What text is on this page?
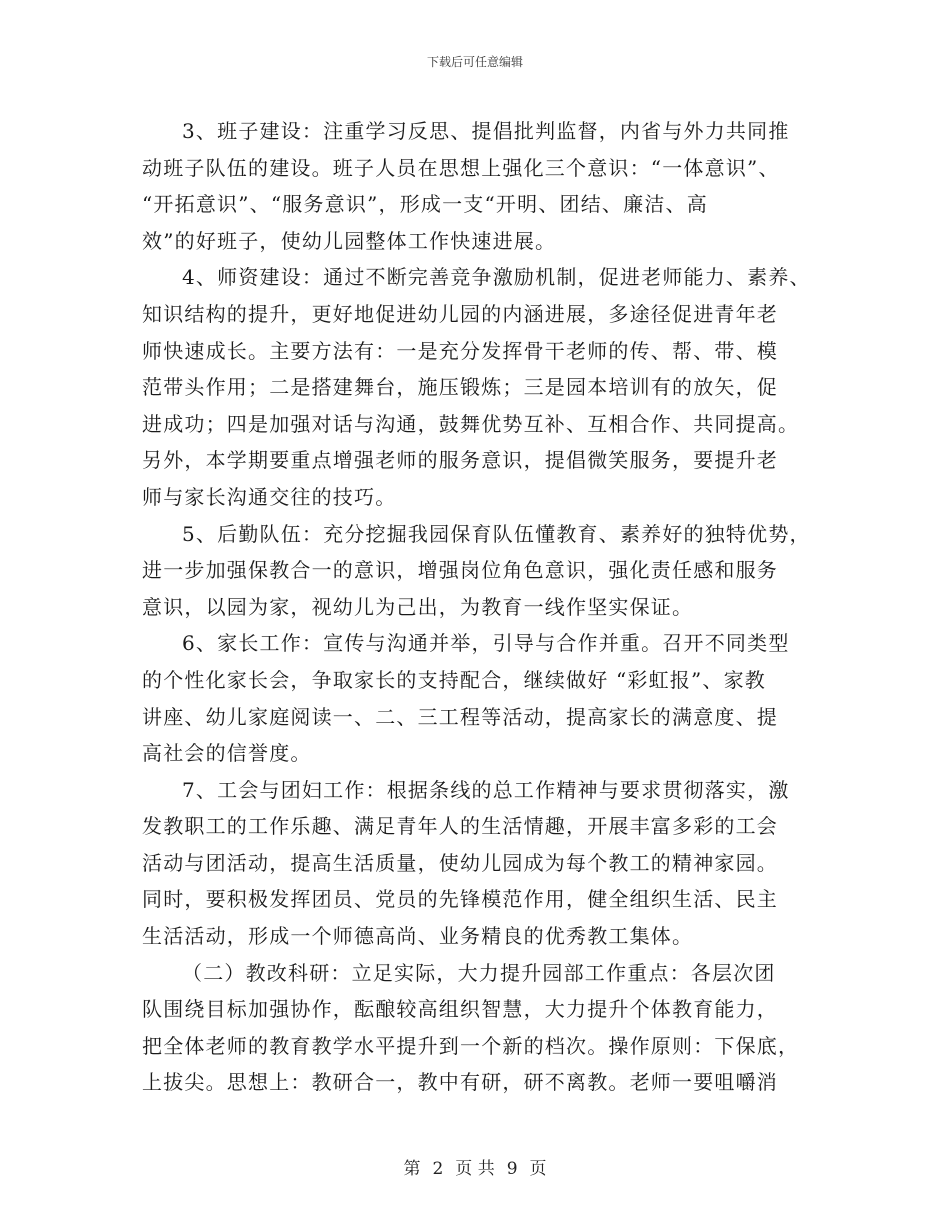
下载后可任意编辑
3、班子建设：注重学习反思、提倡批判监督，内省与外力共同推
动班子队伍的建设。班子人员在思想上强化三个意识：“一体意识”、
“开拓意识”、“服务意识”，形成一支“开明、团结、廉洁、高
效”的好班子，使幼儿园整体工作快速进展。
4、师资建设：通过不断完善竞争激励机制，促进老师能力、素养、
知识结构的提升，更好地促进幼儿园的内涵进展，多途径促进青年老
师快速成长。主要方法有：一是充分发挥骨干老师的传、帮、带、模
范带头作用；二是搭建舞台，施压锻炼；三是园本培训有的放矢，促
进成功；四是加强对话与沟通，鼓舞优势互补、互相合作、共同提高。
另外，本学期要重点增强老师的服务意识，提倡微笑服务，要提升老
师与家长沟通交往的技巧。
5、后勤队伍：充分挖掘我园保育队伍懂教育、素养好的独特优势，
进一步加强保教合一的意识，增强岗位角色意识，强化责任感和服务
意识，以园为家，视幼儿为己出，为教育一线作坚实保证。
6、家长工作：宣传与沟通并举，引导与合作并重。召开不同类型
的个性化家长会，争取家长的支持配合，继续做好 “彩虹报”、家教
讲座、幼儿家庭阅读一、二、三工程等活动，提高家长的满意度、提
高社会的信誉度。
7、工会与团妇工作：根据条线的总工作精神与要求贯彻落实，激
发教职工的工作乐趣、满足青年人的生活情趣，开展丰富多彩的工会
活动与团活动，提高生活质量，使幼儿园成为每个教工的精神家园。
同时，要积极发挥团员、党员的先锋模范作用，健全组织生活、民主
生活活动，形成一个师德高尚、业务精良的优秀教工集体。
（二）教改科研：立足实际，大力提升园部工作重点：各层次团
队围绕目标加强协作，酝酿较高组织智慧，大力提升个体教育能力，
把全体老师的教育教学水平提升到一个新的档次。操作原则：下保底，
上拔尖。思想上：教研合一，教中有研，研不离教。老师一要咀嚼消
第 2 页 共 9 页
